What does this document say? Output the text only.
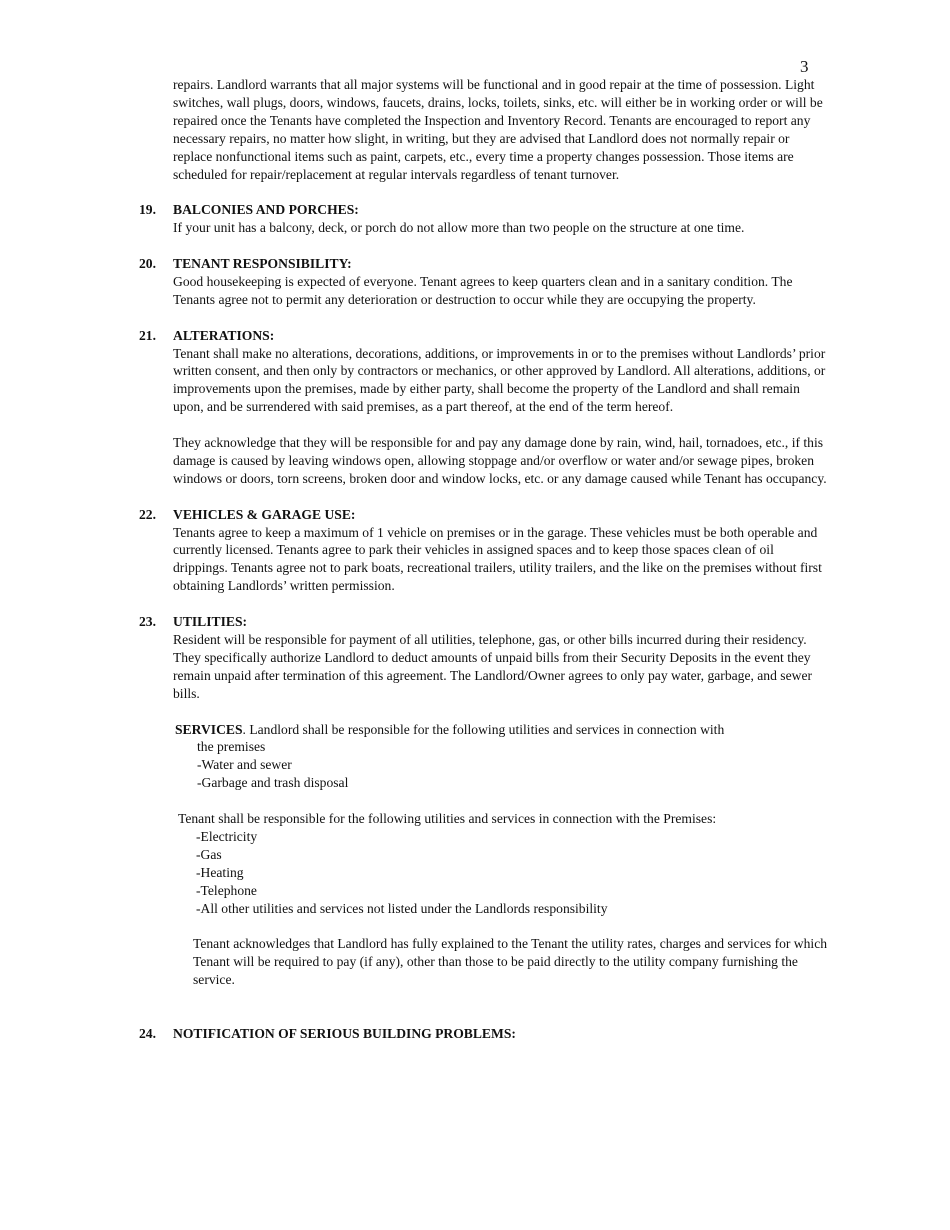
3

repairs. Landlord warrants that all major systems will be functional and in good repair at the time of possession. Light switches, wall plugs, doors, windows, faucets, drains, locks, toilets, sinks, etc. will either be in working order or will be repaired once the Tenants have completed the Inspection and Inventory Record. Tenants are encouraged to report any necessary repairs, no matter how slight, in writing, but they are advised that Landlord does not normally repair or replace nonfunctional items such as paint, carpets, etc., every time a property changes possession. Those items are scheduled for repair/replacement at regular intervals regardless of tenant turnover.

19. BALCONIES AND PORCHES:

If your unit has a balcony, deck, or porch do not allow more than two people on the structure at one time.

20. TENANT RESPONSIBILITY:

Good housekeeping is expected of everyone. Tenant agrees to keep quarters clean and in a sanitary condition. The Tenants agree not to permit any deterioration or destruction to occur while they are occupying the property.

21. ALTERATIONS:

Tenant shall make no alterations, decorations, additions, or improvements in or to the premises without Landlords’ prior written consent, and then only by contractors or mechanics, or other approved by Landlord. All alterations, additions, or improvements upon the premises, made by either party, shall become the property of the Landlord and shall remain upon, and be surrendered with said premises, as a part thereof, at the end of the term hereof.

They acknowledge that they will be responsible for and pay any damage done by rain, wind, hail, tornadoes, etc., if this damage is caused by leaving windows open, allowing stoppage and/or overflow or water and/or sewage pipes, broken windows or doors, torn screens, broken door and window locks, etc. or any damage caused while Tenant has occupancy.

22. VEHICLES & GARAGE USE:

Tenants agree to keep a maximum of 1 vehicle on premises or in the garage. These vehicles must be both operable and currently licensed. Tenants agree to park their vehicles in assigned spaces and to keep those spaces clean of oil drippings. Tenants agree not to park boats, recreational trailers, utility trailers, and the like on the premises without first obtaining Landlords’ written permission.

23. UTILITIES:

Resident will be responsible for payment of all utilities, telephone, gas, or other bills incurred during their residency. They specifically authorize Landlord to deduct amounts of unpaid bills from their Security Deposits in the event they remain unpaid after termination of this agreement. The Landlord/Owner agrees to only pay water, garbage, and sewer bills.

SERVICES. Landlord shall be responsible for the following utilities and services in connection with
the premises
-Water and sewer
-Garbage and trash disposal
Tenant shall be responsible for the following utilities and services in connection with the Premises:
-Electricity
-Gas
-Heating
-Telephone
-All other utilities and services not listed under the Landlords responsibility

Tenant acknowledges that Landlord has fully explained to the Tenant the utility rates, charges and services for which Tenant will be required to pay (if any), other than those to be paid directly to the utility company furnishing the service.

24. NOTIFICATION OF SERIOUS BUILDING PROBLEMS:
